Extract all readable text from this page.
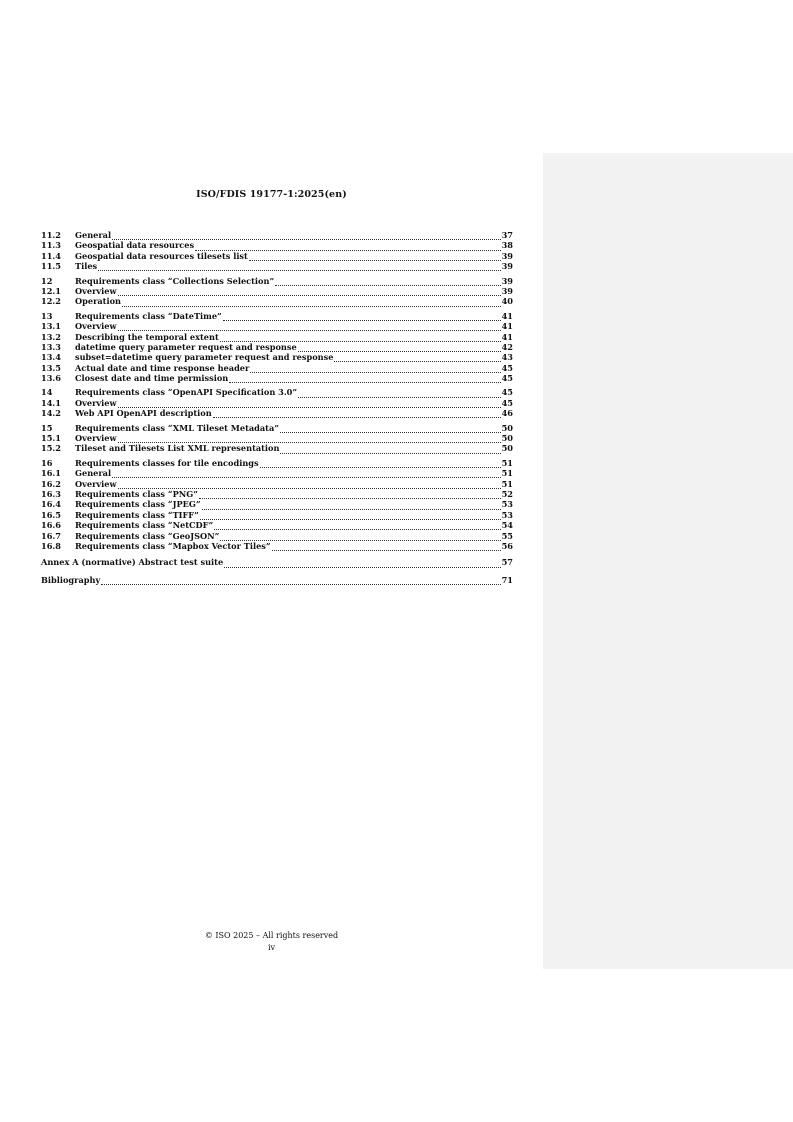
ISO/FDIS 19177-1:2025(en)
11.2	General	37
11.3	Geospatial data resources	38
11.4	Geospatial data resources tilesets list	39
11.5	Tiles	39
12	Requirements class “Collections Selection”	39
12.1	Overview	39
12.2	Operation	40
13	Requirements class “DateTime”	41
13.1	Overview	41
13.2	Describing the temporal extent	41
13.3	datetime query parameter request and response	42
13.4	subset=datetime query parameter request and response	43
13.5	Actual date and time response header	45
13.6	Closest date and time permission	45
14	Requirements class “OpenAPI Specification 3.0”	45
14.1	Overview	45
14.2	Web API OpenAPI description	46
15	Requirements class “XML Tileset Metadata”	50
15.1	Overview	50
15.2	Tileset and Tilesets List XML representation	50
16	Requirements classes for tile encodings	51
16.1	General	51
16.2	Overview	51
16.3	Requirements class “PNG”	52
16.4	Requirements class “JPEG”	53
16.5	Requirements class “TIFF”	53
16.6	Requirements class “NetCDF”	54
16.7	Requirements class “GeoJSON”	55
16.8	Requirements class “Mapbox Vector Tiles”	56
Annex A (normative) Abstract test suite	57
Bibliography	71
© ISO 2025 – All rights reserved
iv
